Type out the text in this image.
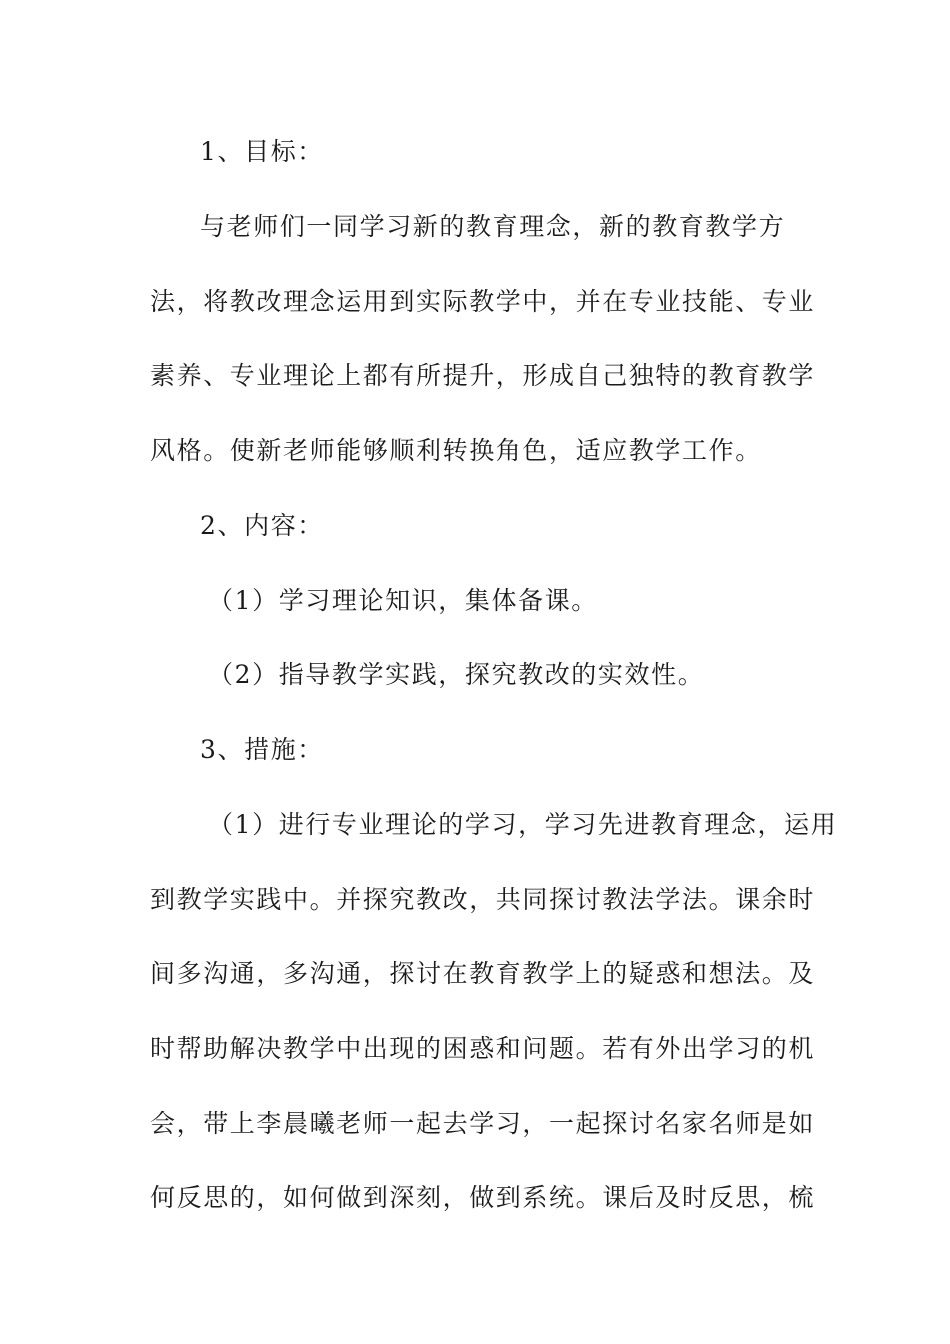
1、目标：
与老师们一同学习新的教育理念，新的教育教学方
法，将教改理念运用到实际教学中，并在专业技能、专业
素养、专业理论上都有所提升，形成自己独特的教育教学
风格。使新老师能够顺利转换角色，适应教学工作。
2、内容：
（1）学习理论知识，集体备课。
（2）指导教学实践，探究教改的实效性。
3、措施：
（1）进行专业理论的学习，学习先进教育理念，运用
到教学实践中。并探究教改，共同探讨教法学法。课余时
间多沟通，多沟通，探讨在教育教学上的疑惑和想法。及
时帮助解决教学中出现的困惑和问题。若有外出学习的机
会，带上李晨曦老师一起去学习，一起探讨名家名师是如
何反思的，如何做到深刻，做到系统。课后及时反思，梳
